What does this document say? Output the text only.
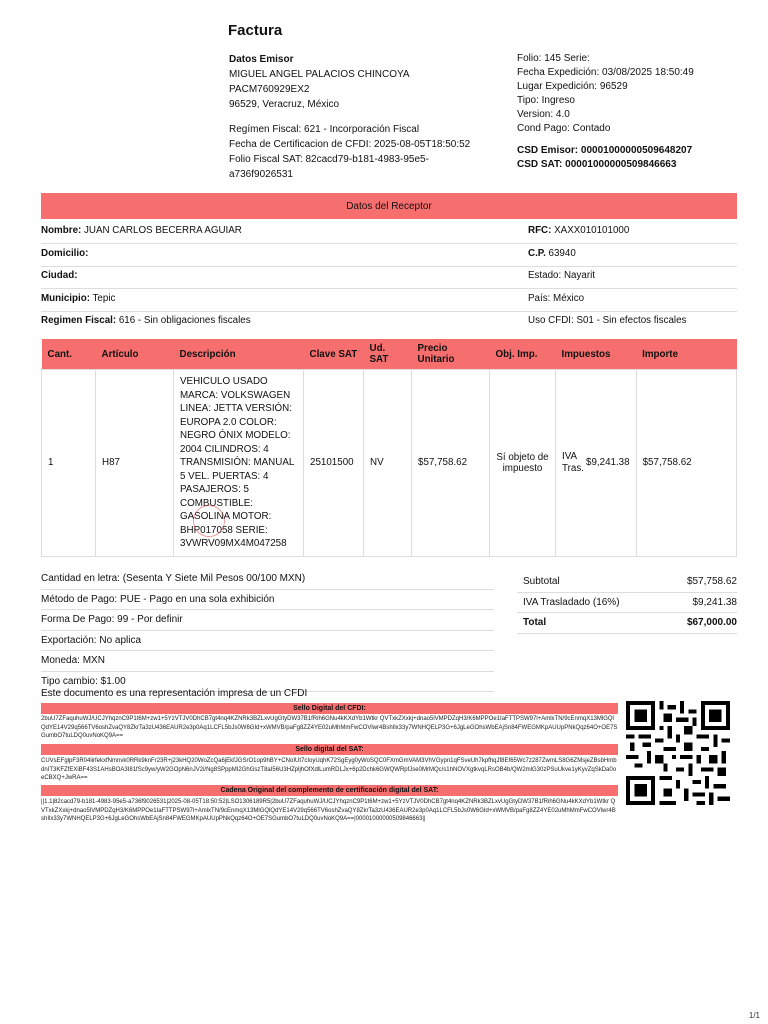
Factura
Datos Emisor
MIGUEL ANGEL PALACIOS CHINCOYA
PACM760929EX2
96529, Veracruz, México
Regímen Fiscal: 621 - Incorporación Fiscal
Fecha de Certificacion de CFDI: 2025-08-05T18:50:52
Folio Fiscal SAT: 82cacd79-b181-4983-95e5-
a736f9026531
Folio: 145 Serie:
Fecha Expedición: 03/08/2025 18:50:49
Lugar Expedición: 96529
Tipo: Ingreso
Version: 4.0
Cond Pago: Contado
CSD Emisor: 00001000000509648207
CSD SAT: 00001000000509846663
Datos del Receptor
Nombre: JUAN CARLOS BECERRA AGUIAR	RFC: XAXX010101000
Domicilio:	C.P. 63940
Ciudad:	Estado: Nayarit
Municipio: Tepic	País: México
Regimen Fiscal: 616 - Sin obligaciones fiscales	Uso CFDI: S01 - Sin efectos fiscales
Cant.	Artículo	Descripción	Clave SAT	Ud. SAT	Precio Unitario	Obj. Imp.	Impuestos	Importe
1	H87	VEHICULO USADO MARCA: VOLKSWAGEN LINEA: JETTA VERSIÓN: EUROPA 2.0 COLOR: NEGRO ÓNIX MODELO: 2004 CILINDROS: 4 TRANSMISIÓN: MANUAL 5 VEL. PUERTAS: 4 PASAJEROS: 5 COMBUSTIBLE: GASOLINA MOTOR: BHP017058 SERIE: 3VWRV09MX4M047258	25101500	NV	$57,758.62	Sí objeto de impuesto	IVA Tras. $9,241.38	$57,758.62
Cantidad en letra: (Sesenta Y Siete Mil Pesos 00/100 MXN)
Método de Pago: PUE - Pago en una sola exhibición
Forma De Pago: 99 - Por definir
Exportación: No aplica
Moneda: MXN
Tipo cambio: $1.00
Subtotal	$57,758.62
IVA Trasladado (16%)	$9,241.38
Total	$67,000.00
Este documento es una representación impresa de un CFDI
Sello Digital del CFDI:
2buU7ZFaquhuWJ/UCJYhqznC9P1t6M+zw1+5YzVTJV0DhCB7gt4nq4KZNRk3BZLxvUgGtyDW37B1fRih6GNu4kKXdYb1Wtkr QVTxkZXxkj+dnao5lVMPDZqH3/K6MPPOe1IaFTTPSW97l+AmlxTN/9cEnmqX13MlGQlQdYE14V29q566TV6oshZvaQY8ZkrTa3zU436EAUR2e3p0Aq1LCFL5bJs0W6GId+xWMVB/paFg8ZZ4YE02uMhMmFwCOVlwr4BshIlx33y7WNHQELP3G+6JgLeGOhsWbEAjSn84FWEGMKpAUUpPNkQqz64O+OE7SGumbO7tuLDQ0uvNoKQ9A==
Sello digital del SAT:
CUVsEFglpF3R04lirfekxfNmnvk0RRk9knFr23R+j23kHQ20WoZcQa6jEkfJGSrO1op9hBY+CNoIUt7cIoyUqhK72SgEyg0yWoSQC0FXmGmVAM3VhVGypn1qFSveUh7kpfhqJf8Ef65Wc7z287ZwmLS8G6ZMsjeZBsbHmbdnIT3KFZfEXiBF43S1AHsBOA3I81fSc9yw/yW2GOpN6nJV2i/Ng8SPppMI2GhGszT8aI56U3HZpljhOfXdlLumRDLJx+6p2Dchk6GWQWRpfJse0MrMQc/s1hNOVXgtkvqLRsOB4b/QW2mlG30zPSuUkve1yKyvZqSkDa0oeCBXQ+JwRA==
Cadena Original del complemento de certificación digital del SAT:
||1.1|82cacd79-b181-4983-95e5-a736f9026531|2025-08-05T18:50:52|LSO1306189R5|2buU7ZFaquhuWJ/UCJYhqznC9P1t6M+zw1+5YzVTJV0DhCB7gt4nq4KZNRk3BZLxvUgGtyDW37B1fRih6GNu4kKXdYb1Wtkr QVTxkZXxkj+dnao5lVMPDZqH3/K6MPPOe1IaFTTPSW97l+AmlxTN/9cEnmqX13MlGQlQdYE14V29q566TV6oshZvaQY8ZkrTa3zU436EAUR2e3p0Aq1LCFL5bJs0W6GId+xWMVB/paFg8ZZ4YE02uMhMmFwCOVlwr4BshIlx33y7WNHQELP3G+6JgLeGOhsWbEAjSn84FWEGMKpAUUpPNkQqz64O+OE7SGumbO7tuLDQ0uvNoKQ9A==|00001000000509846663||
1/1
